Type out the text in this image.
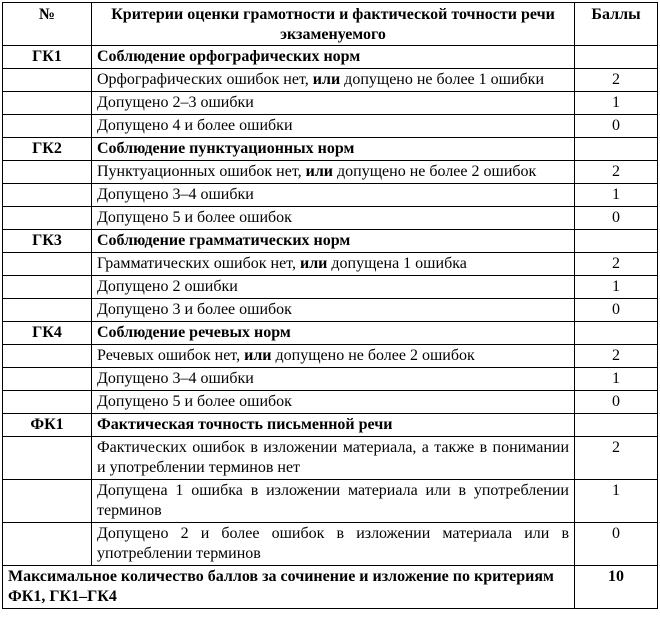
№	Критерии оценки грамотности и фактической точности речи экзаменуемого	Баллы
ГК1	Соблюдение орфографических норм	
	Орфографических ошибок нет, или допущено не более 1 ошибки	2
	Допущено 2–3 ошибки	1
	Допущено 4 и более ошибки	0
ГК2	Соблюдение пунктуационных норм	
	Пунктуационных ошибок нет, или допущено не более 2 ошибок	2
	Допущено 3–4 ошибки	1
	Допущено 5 и более ошибок	0
ГК3	Соблюдение грамматических норм	
	Грамматических ошибок нет, или допущена 1 ошибка	2
	Допущено 2 ошибки	1
	Допущено 3 и более ошибок	0
ГК4	Соблюдение речевых норм	
	Речевых ошибок нет, или допущено не более 2 ошибок	2
	Допущено 3–4 ошибки	1
	Допущено 5 и более ошибок	0
ФК1	Фактическая точность письменной речи	
	Фактических ошибок в изложении материала, а также в понимании и употреблении терминов нет	2
	Допущена 1 ошибка в изложении материала или в употреблении терминов	1
	Допущено 2 и более ошибок в изложении материала или в употреблении терминов	0
Максимальное количество баллов за сочинение и изложение по критериям ФК1, ГК1–ГК4		10
